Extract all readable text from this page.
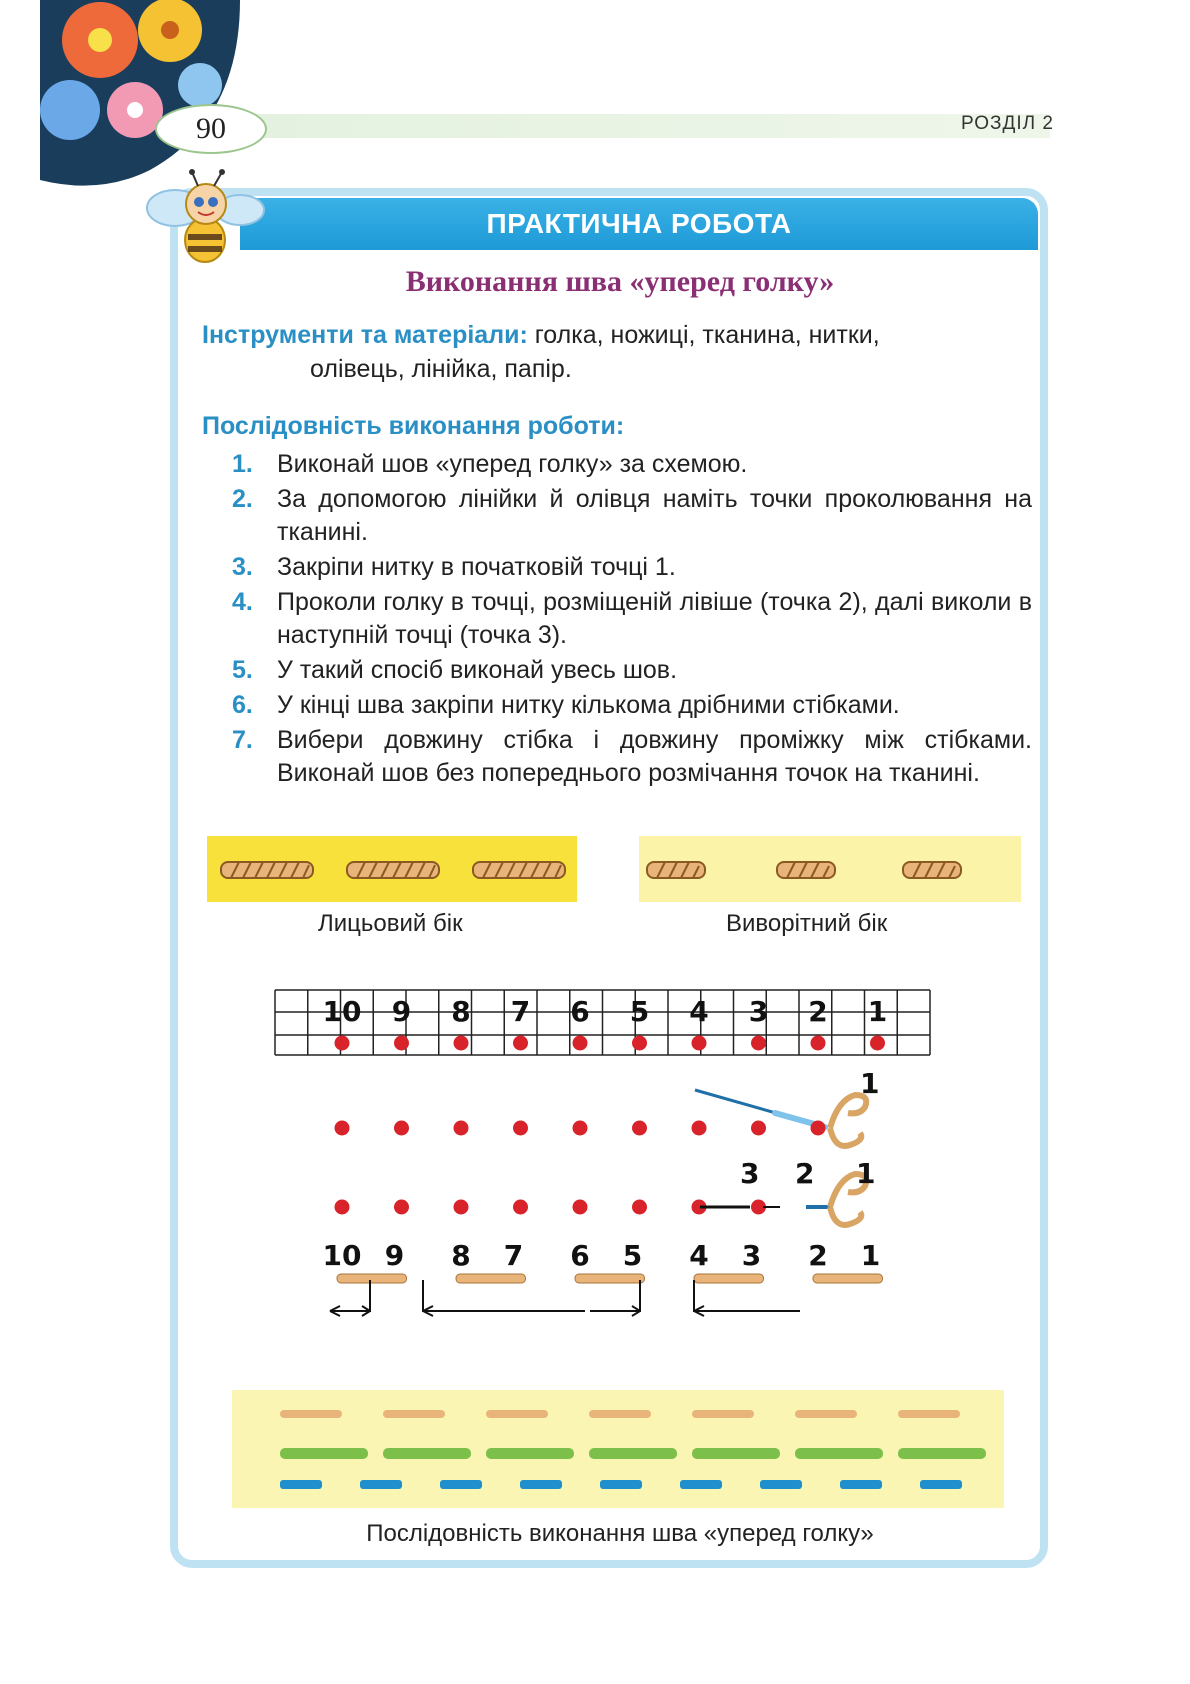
90	РОЗДІЛ 2
ПРАКТИЧНА РОБОТА
Виконання шва «уперед голку»
Інструменти та матеріали: голка, ножиці, тканина, нитки,
олівець, лінійка, папір.
Послідовність виконання роботи:
1. Виконай шов «уперед голку» за схемою.
2. За допомогою лінійки й олівця наміть точки проколювання на тканині.
3. Закріпи нитку в початковій точці 1.
4. Проколи голку в точці, розміщеній лівіше (точка 2), далі виколи в наступній точці (точка 3).
5. У такий спосіб виконай увесь шов.
6. У кінці шва закріпи нитку кількома дрібними стібками.
7. Вибери довжину стібка і довжину проміжку між стібками. Виконай шов без попереднього розмічання точок на тканині.
Лицьовий бік	Виворітний бік
10 9 8 7 6 5 4 3 2 1
1
3 2 1
10 9 8 7 6 5 4 3 2 1
Послідовність виконання шва «уперед голку»
